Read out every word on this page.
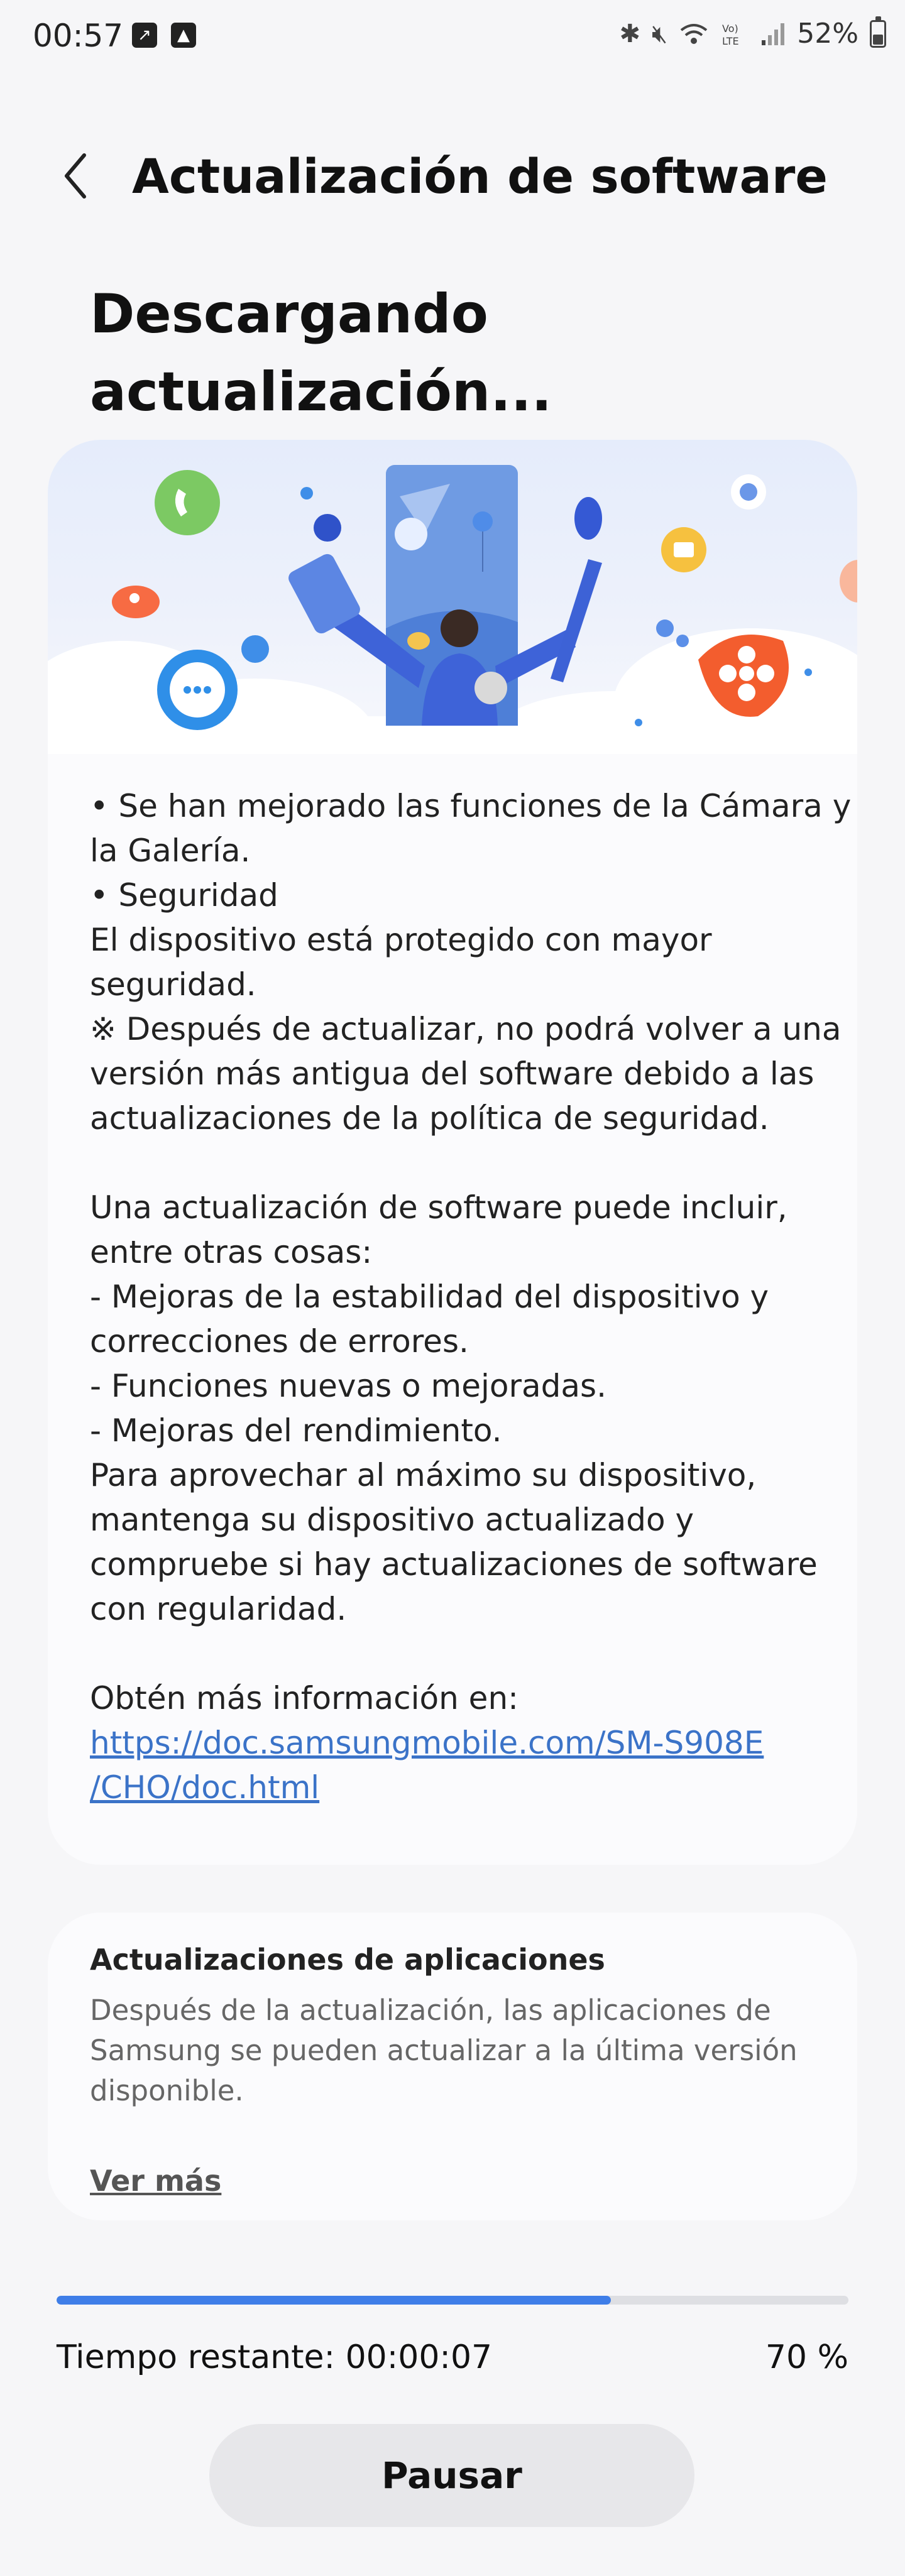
00:57 ↗	▲	✱ 🔇︎	Vo)
LTE 52%
Actualización de software
Descargando
actualización...
• Se han mejorado las funciones de la Cámara y
la Galería.
• Seguridad
El dispositivo está protegido con mayor
seguridad.
※ Después de actualizar, no podrá volver a una
versión más antigua del software debido a las
actualizaciones de la política de seguridad.
Una actualización de software puede incluir,
entre otras cosas:
- Mejoras de la estabilidad del dispositivo y
correcciones de errores.
- Funciones nuevas o mejoradas.
- Mejoras del rendimiento.
Para aprovechar al máximo su dispositivo,
mantenga su dispositivo actualizado y
compruebe si hay actualizaciones de software
con regularidad.
Obtén más información en:
https://doc.samsungmobile.com/SM-S908E
/CHO/doc.html
Actualizaciones de aplicaciones
Después de la actualización, las aplicaciones de
Samsung se pueden actualizar a la última versión
disponible.
Ver más
Tiempo restante: 00:00:07	70 %
Pausar
